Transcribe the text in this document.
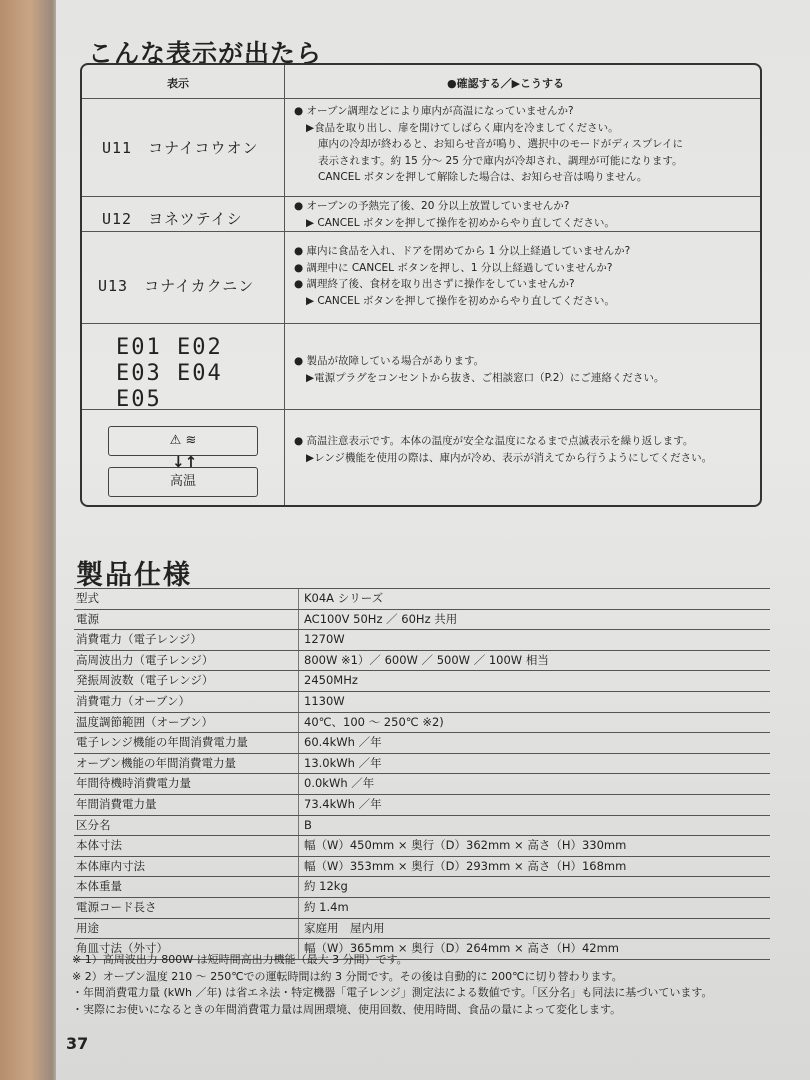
こんな表示が出たら
表示	●確認する／▶こうする
U11　コナイコウオン
● オーブン調理などにより庫内が高温になっていませんか?
▶食品を取り出し、扉を開けてしばらく庫内を冷ましてください。
庫内の冷却が終わると、お知らせ音が鳴り、選択中のモードがディスプレイに
表示されます。約 15 分～ 25 分で庫内が冷却され、調理が可能になります。
CANCEL ボタンを押して解除した場合は、お知らせ音は鳴りません。
U12　ヨネツテイシ
● オーブンの予熱完了後、20 分以上放置していませんか?
▶ CANCEL ボタンを押して操作を初めからやり直してください。
U13　コナイカクニン
● 庫内に食品を入れ、ドアを閉めてから 1 分以上経過していませんか?
● 調理中に CANCEL ボタンを押し、1 分以上経過していませんか?
● 調理終了後、食材を取り出さずに操作をしていませんか?
▶ CANCEL ボタンを押して操作を初めからやり直してください。
E01 E02
E03 E04
E05
● 製品が故障している場合があります。
▶電源プラグをコンセントから抜き、ご相談窓口（P.2）にご連絡ください。
⚠ ≋
↓↑
高温
● 高温注意表示です。本体の温度が安全な温度になるまで点滅表示を繰り返します。
▶レンジ機能を使用の際は、庫内が冷め、表示が消えてから行うようにしてください。
製品仕様
型式	K04A シリーズ
電源	AC100V 50Hz ／ 60Hz 共用
消費電力（電子レンジ）	1270W
高周波出力（電子レンジ）	800W ※1）／ 600W ／ 500W ／ 100W 相当
発振周波数（電子レンジ）	2450MHz
消費電力（オーブン）	1130W
温度調節範囲（オーブン）	40℃、100 ～ 250℃ ※2)
電子レンジ機能の年間消費電力量	60.4kWh ／年
オーブン機能の年間消費電力量	13.0kWh ／年
年間待機時消費電力量	0.0kWh ／年
年間消費電力量	73.4kWh ／年
区分名	B
本体寸法	幅（W）450mm × 奥行（D）362mm × 高さ（H）330mm
本体庫内寸法	幅（W）353mm × 奥行（D）293mm × 高さ（H）168mm
本体重量	約 12kg
電源コード長さ	約 1.4m
用途	家庭用　屋内用
角皿寸法（外寸）	幅（W）365mm × 奥行（D）264mm × 高さ（H）42mm
※ 1）高周波出力 800W は短時間高出力機能（最大 3 分間）です。
※ 2）オーブン温度 210 ～ 250℃での運転時間は約 3 分間です。その後は自動的に 200℃に切り替わります。
・年間消費電力量 (kWh ／年) は省エネ法・特定機器「電子レンジ」測定法による数値です。「区分名」も同法に基づいています。
・実際にお使いになるときの年間消費電力量は周囲環境、使用回数、使用時間、食品の量によって変化します。
37
